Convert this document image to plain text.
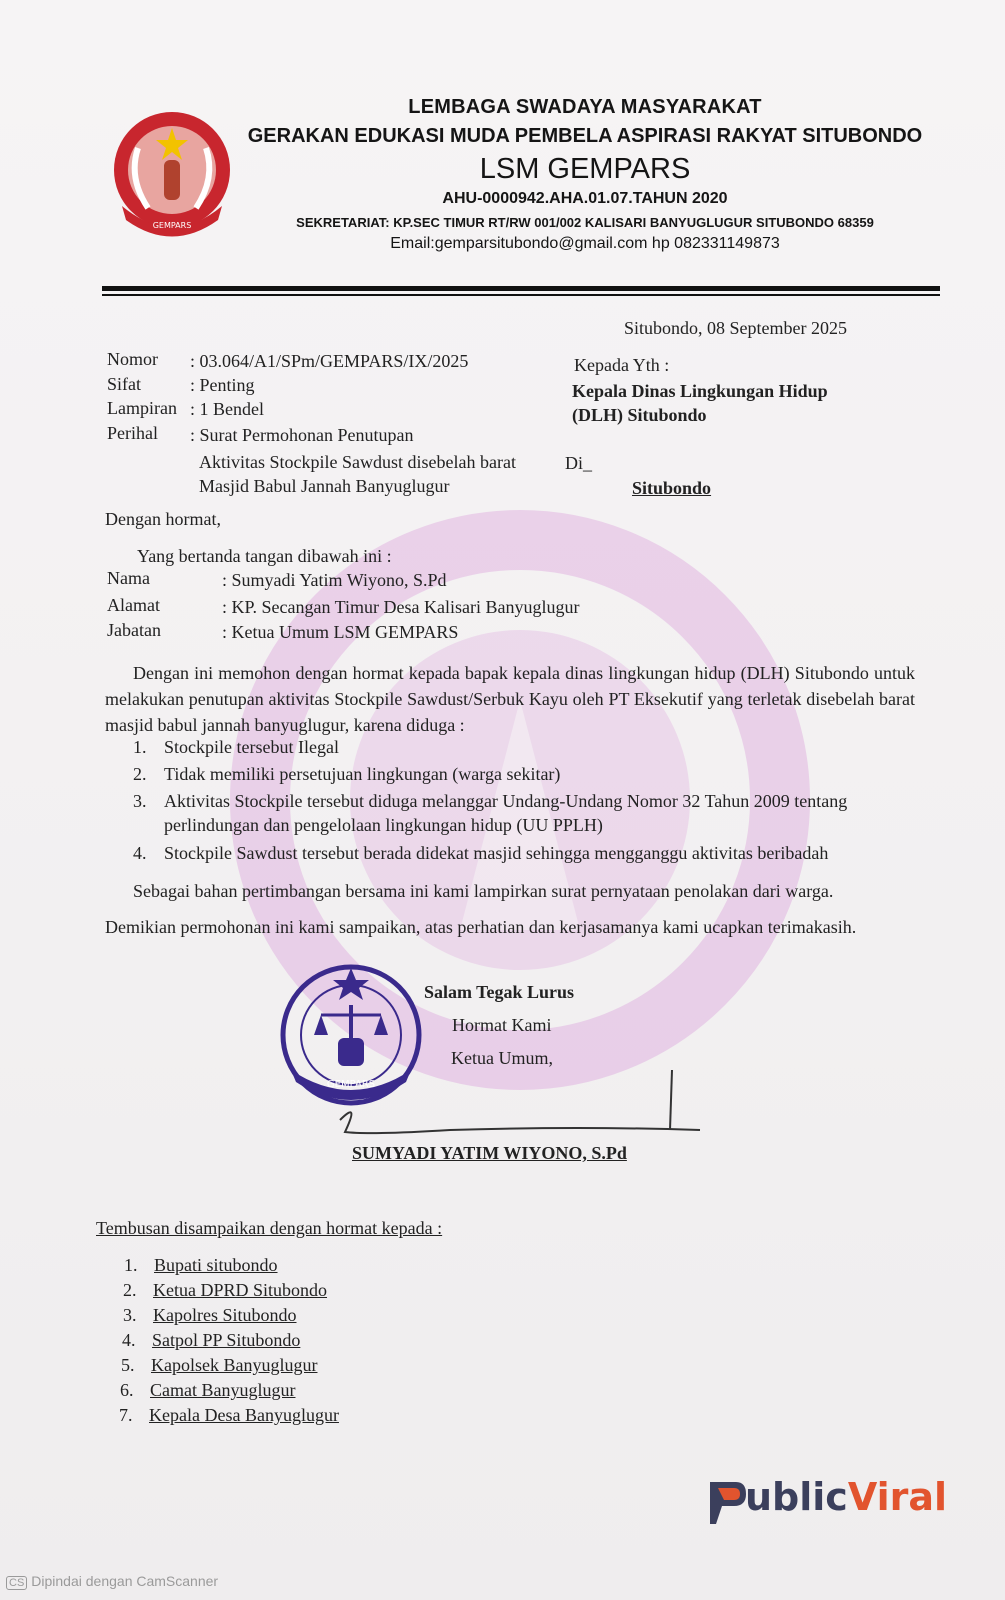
GEMPARS
LEMBAGA SWADAYA MASYARAKAT
GERAKAN EDUKASI MUDA PEMBELA ASPIRASI RAKYAT SITUBONDO
LSM GEMPARS
AHU-0000942.AHA.01.07.TAHUN 2020
SEKRETARIAT: KP.SEC TIMUR RT/RW 001/002 KALISARI BANYUGLUGUR SITUBONDO 68359
Email:gemparsitubondo@gmail.com hp 082331149873
Situbondo, 08 September 2025
Nomor : 03.064/A1/SPm/GEMPARS/IX/2025
Sifat	: Penting
Lampiran : 1 Bendel
Perihal : Surat Permohonan Penutupan
Aktivitas Stockpile Sawdust disebelah barat
Masjid Babul Jannah Banyuglugur
Kepada Yth :
Kepala Dinas Lingkungan Hidup
(DLH) Situbondo
Di_
Situbondo
Dengan hormat,
Yang bertanda tangan dibawah ini :
Nama	: Sumyadi Yatim Wiyono, S.Pd
Alamat	: KP. Secangan Timur Desa Kalisari Banyuglugur
Jabatan	: Ketua Umum LSM GEMPARS
Dengan ini memohon dengan hormat kepada bapak kepala dinas lingkungan hidup (DLH) Situbondo untuk melakukan penutupan aktivitas Stockpile Sawdust/Serbuk Kayu oleh PT Eksekutif yang terletak disebelah barat masjid babul jannah banyuglugur, karena diduga :
1. Stockpile tersebut Ilegal
2. Tidak memiliki persetujuan lingkungan (warga sekitar)
3. Aktivitas Stockpile tersebut diduga melanggar Undang-Undang Nomor 32 Tahun 2009 tentang perlindungan dan pengelolaan lingkungan hidup (UU PPLH)
4. Stockpile Sawdust tersebut berada didekat masjid sehingga mengganggu aktivitas beribadah
Sebagai bahan pertimbangan bersama ini kami lampirkan surat pernyataan penolakan dari warga.
Demikian permohonan ini kami sampaikan, atas perhatian dan kerjasamanya kami ucapkan terimakasih.
GEMPARS
Salam Tegak Lurus
Hormat Kami
Ketua Umum,
SUMYADI YATIM WIYONO, S.Pd
Tembusan disampaikan dengan hormat kepada :
1. Bupati situbondo
2. Ketua DPRD Situbondo
3. Kapolres Situbondo
4. Satpol PP Situbondo
5. Kapolsek Banyuglugur
6. Camat Banyuglugur
7. Kepala Desa Banyuglugur
ublicViral
CS Dipindai dengan CamScanner
